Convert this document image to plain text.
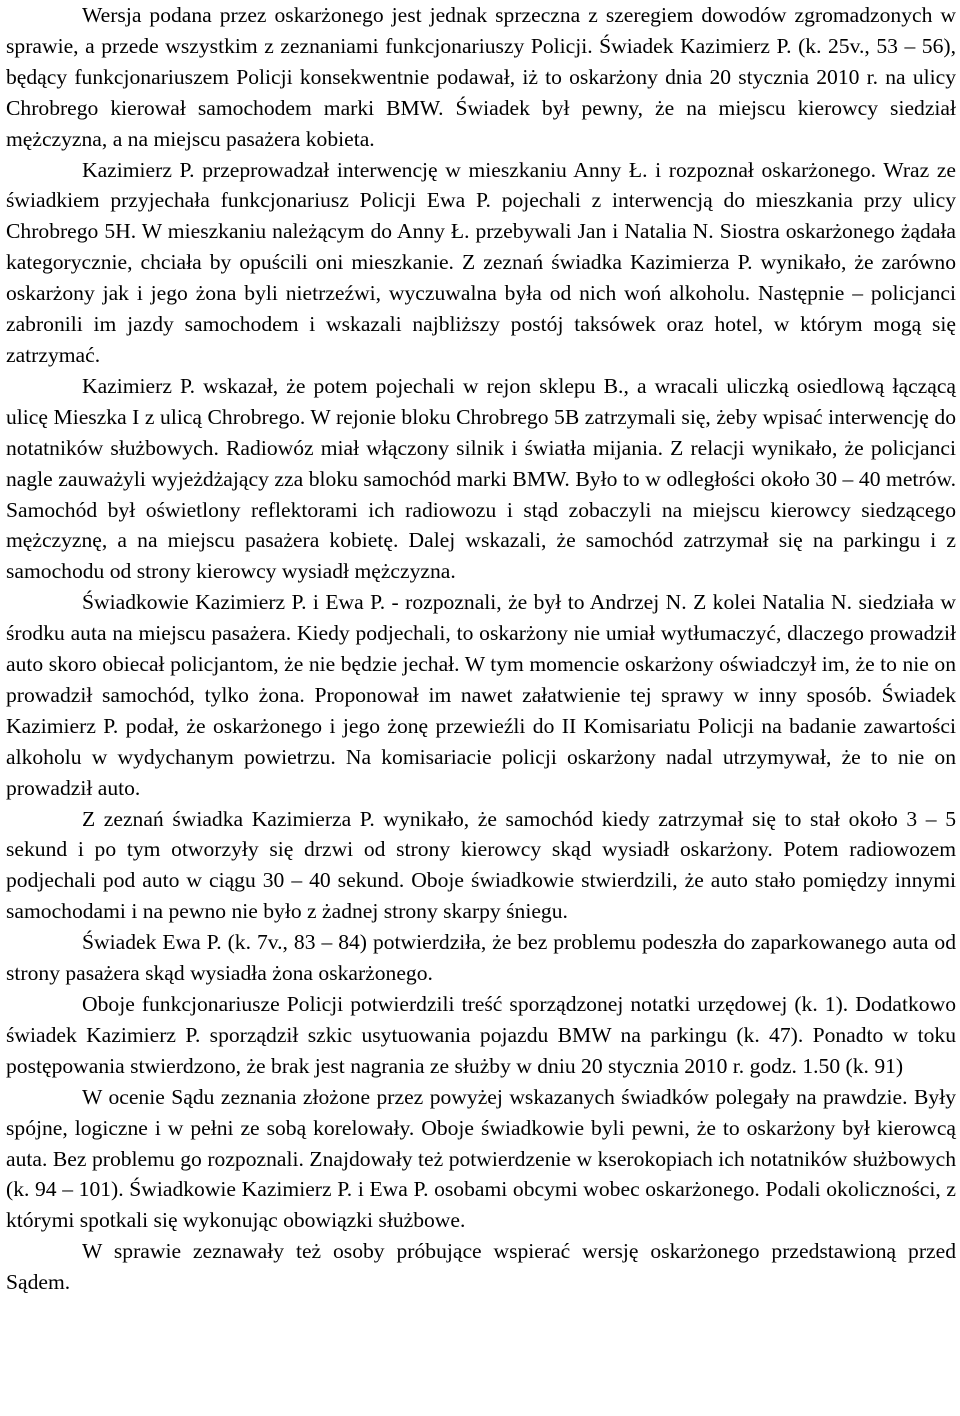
Wersja podana przez oskarżonego jest jednak sprzeczna z szeregiem dowodów zgromadzonych w sprawie, a przede wszystkim z zeznaniami funkcjonariuszy Policji. Świadek Kazimierz P. (k. 25v., 53 – 56), będący funkcjonariuszem Policji konsekwentnie podawał, iż to oskarżony dnia 20 stycznia 2010 r. na ulicy Chrobrego kierował samochodem marki BMW. Świadek był pewny, że na miejscu kierowcy siedział mężczyzna, a na miejscu pasażera kobieta.

Kazimierz P. przeprowadzał interwencję w mieszkaniu Anny Ł. i rozpoznał oskarżonego. Wraz ze świadkiem przyjechała funkcjonariusz Policji Ewa P. pojechali z interwencją do mieszkania przy ulicy Chrobrego 5H. W mieszkaniu należącym do Anny Ł. przebywali Jan i Natalia N. Siostra oskarżonego żądała kategorycznie, chciała by opuścili oni mieszkanie. Z zeznań świadka Kazimierza P. wynikało, że zarówno oskarżony jak i jego żona byli nietrzeźwi, wyczuwalna była od nich woń alkoholu. Następnie – policjanci zabronili im jazdy samochodem i wskazali najbliższy postój taksówek oraz hotel, w którym mogą się zatrzymać.

Kazimierz P. wskazał, że potem pojechali w rejon sklepu B., a wracali uliczką osiedlową łączącą ulicę Mieszka I z ulicą Chrobrego. W rejonie bloku Chrobrego 5B zatrzymali się, żeby wpisać interwencję do notatników służbowych. Radiowóz miał włączony silnik i światła mijania. Z relacji wynikało, że policjanci nagle zauważyli wyjeżdżający zza bloku samochód marki BMW. Było to w odległości około 30 – 40 metrów. Samochód był oświetlony reflektorami ich radiowozu i stąd zobaczyli na miejscu kierowcy siedzącego mężczyznę, a na miejscu pasażera kobietę. Dalej wskazali, że samochód zatrzymał się na parkingu i z samochodu od strony kierowcy wysiadł mężczyzna.

Świadkowie Kazimierz P. i Ewa P. - rozpoznali, że był to Andrzej N. Z kolei Natalia N. siedziała w środku auta na miejscu pasażera. Kiedy podjechali, to oskarżony nie umiał wytłumaczyć, dlaczego prowadził auto skoro obiecał policjantom, że nie będzie jechał. W tym momencie oskarżony oświadczył im, że to nie on prowadził samochód, tylko żona. Proponował im nawet załatwienie tej sprawy w inny sposób. Świadek Kazimierz P. podał, że oskarżonego i jego żonę przewieźli do II Komisariatu Policji na badanie zawartości alkoholu w wydychanym powietrzu. Na komisariacie policji oskarżony nadal utrzymywał, że to nie on prowadził auto.

Z zeznań świadka Kazimierza P. wynikało, że samochód kiedy zatrzymał się to stał około 3 – 5 sekund i po tym otworzyły się drzwi od strony kierowcy skąd wysiadł oskarżony. Potem radiowozem podjechali pod auto w ciągu 30 – 40 sekund. Oboje świadkowie stwierdzili, że auto stało pomiędzy innymi samochodami i na pewno nie było z żadnej strony skarpy śniegu.

Świadek Ewa P. (k. 7v., 83 – 84) potwierdziła, że bez problemu podeszła do zaparkowanego auta od strony pasażera skąd wysiadła żona oskarżonego.

Oboje funkcjonariusze Policji potwierdzili treść sporządzonej notatki urzędowej (k. 1). Dodatkowo świadek Kazimierz P. sporządził szkic usytuowania pojazdu BMW na parkingu (k. 47). Ponadto w toku postępowania stwierdzono, że brak jest nagrania ze służby w dniu 20 stycznia 2010 r. godz. 1.50 (k. 91)

W ocenie Sądu zeznania złożone przez powyżej wskazanych świadków polegały na prawdzie. Były spójne, logiczne i w pełni ze sobą korelowały. Oboje świadkowie byli pewni, że to oskarżony był kierowcą auta. Bez problemu go rozpoznali. Znajdowały też potwierdzenie w kserokopiach ich notatników służbowych (k. 94 – 101). Świadkowie Kazimierz P. i Ewa P. osobami obcymi wobec oskarżonego. Podali okoliczności, z którymi spotkali się wykonując obowiązki służbowe.

W sprawie zeznawały też osoby próbujące wspierać wersję oskarżonego przedstawioną przed Sądem.
